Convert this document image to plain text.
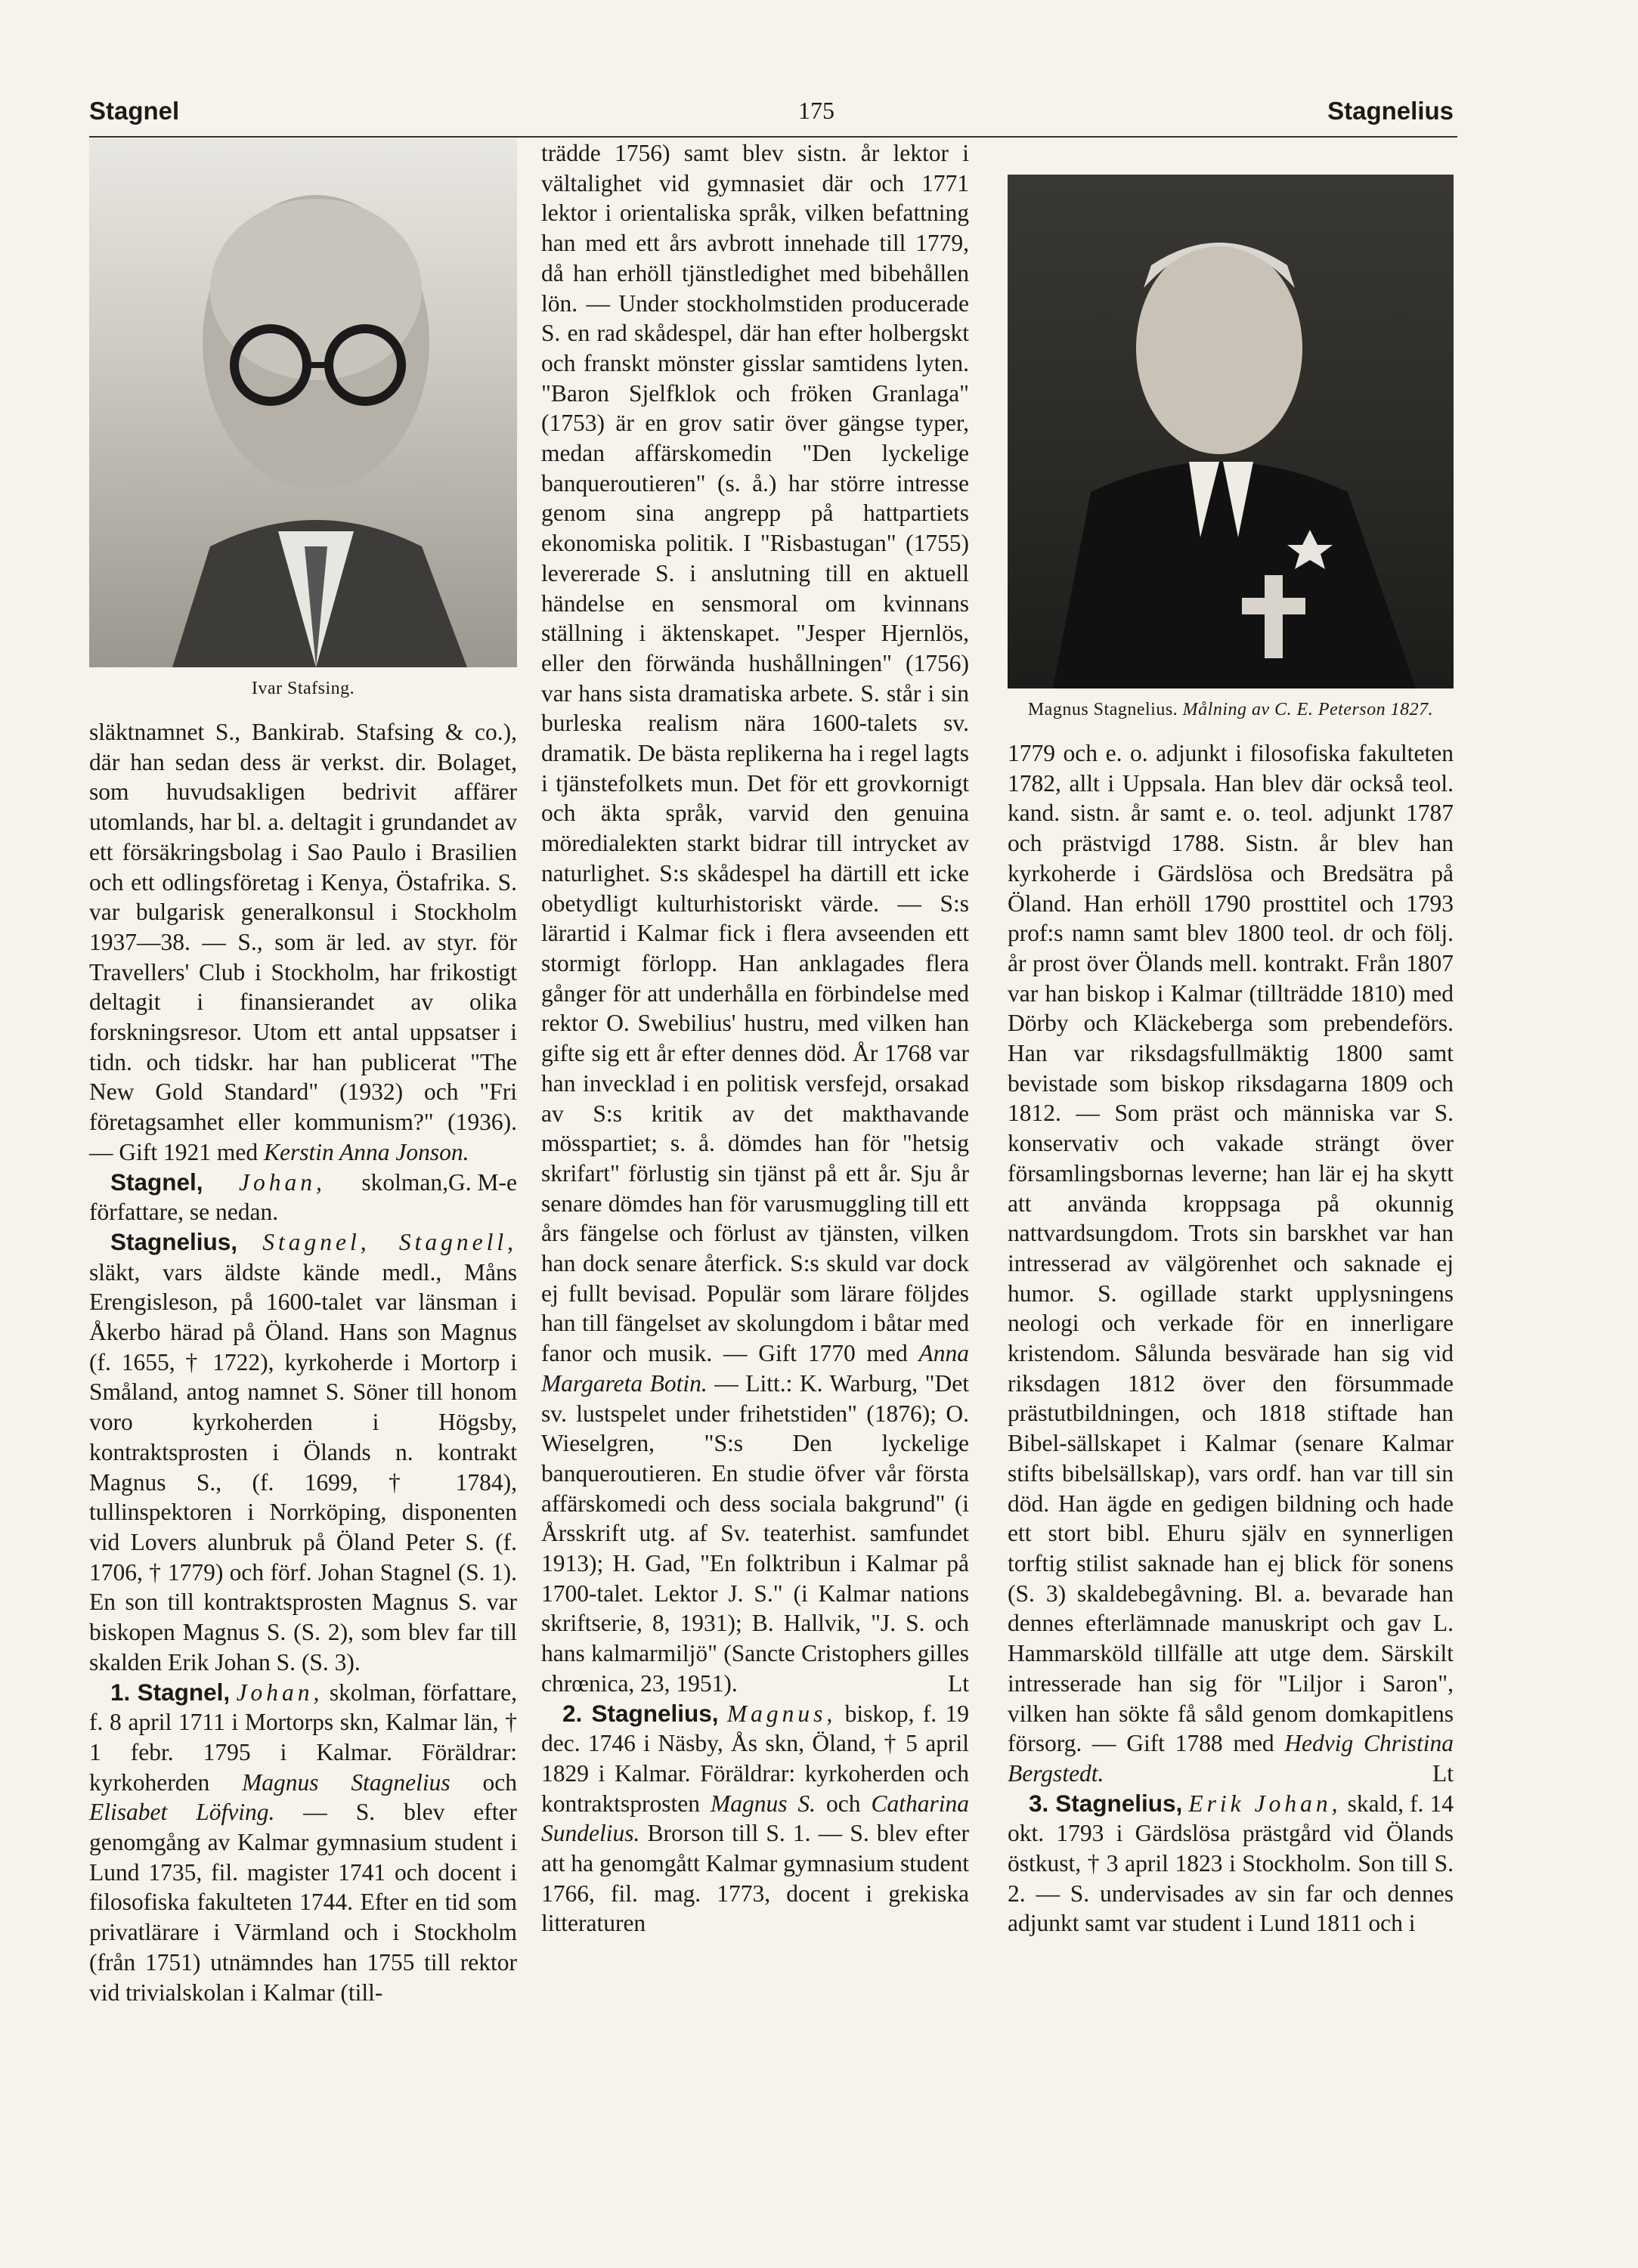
Stagnel	175	Stagnelius
Ivar Stafsing.

släktnamnet S., Bankirab. Stafsing & co.), där han sedan dess är verkst. dir. Bolaget, som huvudsakligen bedrivit affärer utomlands, har bl. a. deltagit i grundandet av ett försäkringsbolag i Sao Paulo i Brasilien och ett odlingsföretag i Kenya, Östafrika. S. var bulgarisk generalkonsul i Stockholm 1937—38. — S., som är led. av styr. för Travellers' Club i Stockholm, har frikostigt deltagit i finansierandet av olika forskningsresor. Utom ett antal uppsatser i tidn. och tidskr. har han publicerat "The New Gold Standard" (1932) och "Fri företagsamhet eller kommunism?" (1936). — Gift 1921 med Kerstin Anna Jonson.
G. M-e

Stagnel, Johan, skolman, författare, se nedan.

Stagnelius, Stagnel, Stagnell, släkt, vars äldste kände medl., Måns Erengisleson, på 1600-talet var länsman i Åkerbo härad på Öland. Hans son Magnus (f. 1655, † 1722), kyrkoherde i Mortorp i Småland, antog namnet S. Söner till honom voro kyrkoherden i Högsby, kontraktsprosten i Ölands n. kontrakt Magnus S., (f. 1699, † 1784), tullinspektoren i Norrköping, disponenten vid Lovers alunbruk på Öland Peter S. (f. 1706, † 1779) och förf. Johan Stagnel (S. 1). En son till kontraktsprosten Magnus S. var biskopen Magnus S. (S. 2), som blev far till skalden Erik Johan S. (S. 3).

1. Stagnel, Johan, skolman, författare, f. 8 april 1711 i Mortorps skn, Kalmar län, † 1 febr. 1795 i Kalmar. Föräldrar: kyrkoherden Magnus Stagnelius och Elisabet Löfving. — S. blev efter genomgång av Kalmar gymnasium student i Lund 1735, fil. magister 1741 och docent i filosofiska fakulteten 1744. Efter en tid som privatlärare i Värmland och i Stockholm (från 1751) utnämndes han 1755 till rektor vid trivialskolan i Kalmar (till-

trädde 1756) samt blev sistn. år lektor i vältalighet vid gymnasiet där och 1771 lektor i orientaliska språk, vilken befattning han med ett års avbrott innehade till 1779, då han erhöll tjänstledighet med bibehållen lön. — Under stockholmstiden producerade S. en rad skådespel, där han efter holbergskt och franskt mönster gisslar samtidens lyten. "Baron Sjelfklok och fröken Granlaga" (1753) är en grov satir över gängse typer, medan affärskomedin "Den lyckelige banqueroutieren" (s. å.) har större intresse genom sina angrepp på hattpartiets ekonomiska politik. I "Risbastugan" (1755) levererade S. i anslutning till en aktuell händelse en sensmoral om kvinnans ställning i äktenskapet. "Jesper Hjernlös, eller den förwända hushållningen" (1756) var hans sista dramatiska arbete. S. står i sin burleska realism nära 1600-talets sv. dramatik. De bästa replikerna ha i regel lagts i tjänstefolkets mun. Det för ett grovkornigt och äkta språk, varvid den genuina möredialekten starkt bidrar till intrycket av naturlighet. S:s skådespel ha därtill ett icke obetydligt kulturhistoriskt värde. — S:s lärartid i Kalmar fick i flera avseenden ett stormigt förlopp. Han anklagades flera gånger för att underhålla en förbindelse med rektor O. Swebilius' hustru, med vilken han gifte sig ett år efter dennes död. År 1768 var han invecklad i en politisk versfejd, orsakad av S:s kritik av det makthavande mösspartiet; s. å. dömdes han för "hetsig skrifart" förlustig sin tjänst på ett år. Sju år senare dömdes han för varusmuggling till ett års fängelse och förlust av tjänsten, vilken han dock senare återfick. S:s skuld var dock ej fullt bevisad. Populär som lärare följdes han till fängelset av skolungdom i båtar med fanor och musik. — Gift 1770 med Anna Margareta Botin. — Litt.: K. Warburg, "Det sv. lustspelet under frihetstiden" (1876); O. Wieselgren, "S:s Den lyckelige banqueroutieren. En studie öfver vår första affärskomedi och dess sociala bakgrund" (i Årsskrift utg. af Sv. teaterhist. samfundet 1913); H. Gad, "En folktribun i Kalmar på 1700-talet. Lektor J. S." (i Kalmar nations skriftserie, 8, 1931); B. Hallvik, "J. S. och hans kalmarmiljö" (Sancte Cristophers gilles chrœnica, 23, 1951).	Lt

2. Stagnelius, Magnus, biskop, f. 19 dec. 1746 i Näsby, Ås skn, Öland, † 5 april 1829 i Kalmar. Föräldrar: kyrkoherden och kontraktsprosten Magnus S. och Catharina Sundelius. Brorson till S. 1. — S. blev efter att ha genomgått Kalmar gymnasium student 1766, fil. mag. 1773, docent i grekiska litteraturen

Magnus Stagnelius. Målning av C. E. Peterson 1827.

1779 och e. o. adjunkt i filosofiska fakulteten 1782, allt i Uppsala. Han blev där också teol. kand. sistn. år samt e. o. teol. adjunkt 1787 och prästvigd 1788. Sistn. år blev han kyrkoherde i Gärdslösa och Bredsätra på Öland. Han erhöll 1790 prosttitel och 1793 prof:s namn samt blev 1800 teol. dr och följ. år prost över Ölands mell. kontrakt. Från 1807 var han biskop i Kalmar (tillträdde 1810) med Dörby och Kläckeberga som prebendeförs. Han var riksdagsfullmäktig 1800 samt bevistade som biskop riksdagarna 1809 och 1812. — Som präst och människa var S. konservativ och vakade strängt över församlingsbornas leverne; han lär ej ha skytt att använda kroppsaga på okunnig nattvardsungdom. Trots sin barskhet var han intresserad av välgörenhet och saknade ej humor. S. ogillade starkt upplysningens neologi och verkade för en innerligare kristendom. Sålunda besvärade han sig vid riksdagen 1812 över den försummade prästutbildningen, och 1818 stiftade han Bibel-sällskapet i Kalmar (senare Kalmar stifts bibelsällskap), vars ordf. han var till sin död. Han ägde en gedigen bildning och hade ett stort bibl. Ehuru själv en synnerligen torftig stilist saknade han ej blick för sonens (S. 3) skaldebegåvning. Bl. a. bevarade han dennes efterlämnade manuskript och gav L. Hammarsköld tillfälle att utge dem. Särskilt intresserade han sig för "Liljor i Saron", vilken han sökte få såld genom domkapitlens försorg. — Gift 1788 med Hedvig Christina Bergstedt.	Lt

3. Stagnelius, Erik Johan, skald, f. 14 okt. 1793 i Gärdslösa prästgård vid Ölands östkust, † 3 april 1823 i Stockholm. Son till S. 2. — S. undervisades av sin far och dennes adjunkt samt var student i Lund 1811 och i
